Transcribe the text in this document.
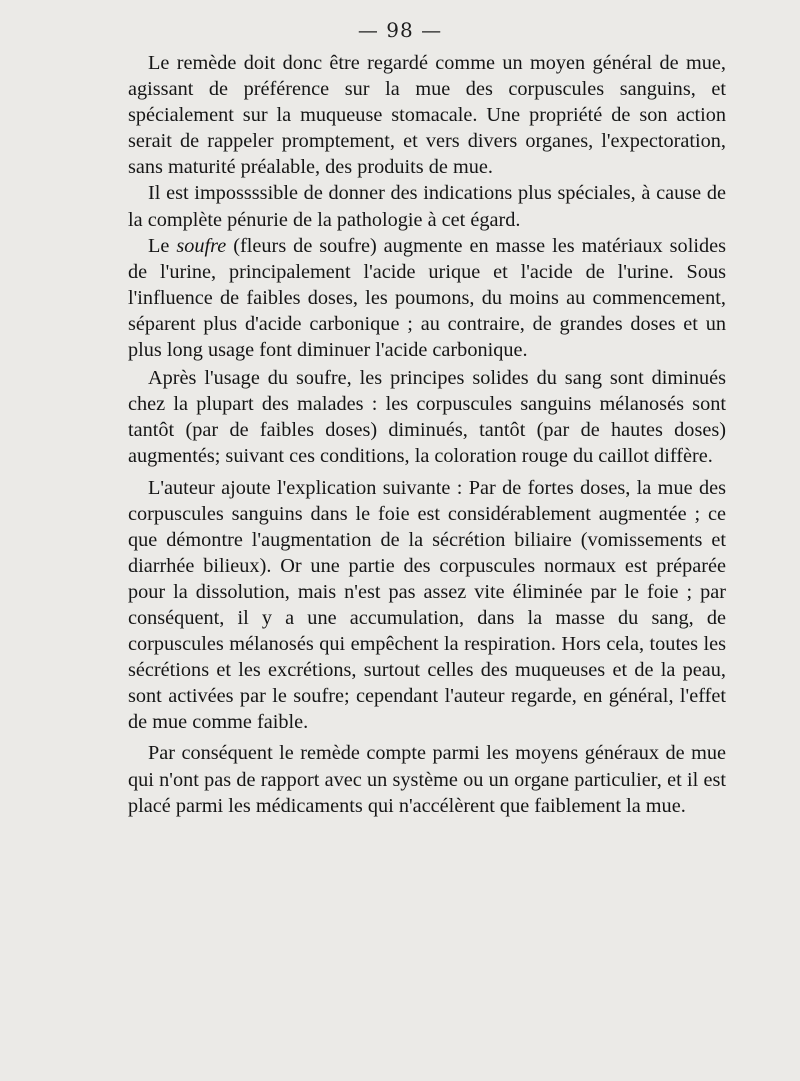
— 98 —

Le remède doit donc être regardé comme un moyen général de mue, agissant de préférence sur la mue des corpuscules sanguins, et spécialement sur la muqueuse stomacale. Une propriété de son action serait de rappeler promptement, et vers divers organes, l'expectoration, sans maturité préalable, des produits de mue.

Il est impossssible de donner des indications plus spéciales, à cause de la complète pénurie de la pathologie à cet égard.

Le soufre (fleurs de soufre) augmente en masse les matériaux solides de l'urine, principalement l'acide urique et l'acide de l'urine. Sous l'influence de faibles doses, les poumons, du moins au commencement, séparent plus d'acide carbonique ; au contraire, de grandes doses et un plus long usage font diminuer l'acide carbonique.

Après l'usage du soufre, les principes solides du sang sont diminués chez la plupart des malades : les corpuscules sanguins mélanosés sont tantôt (par de faibles doses) diminués, tantôt (par de hautes doses) augmentés; suivant ces conditions, la coloration rouge du caillot diffère.

L'auteur ajoute l'explication suivante : Par de fortes doses, la mue des corpuscules sanguins dans le foie est considérablement augmentée ; ce que démontre l'augmentation de la sécrétion biliaire (vomissements et diarrhée bilieux). Or une partie des corpuscules normaux est préparée pour la dissolution, mais n'est pas assez vite éliminée par le foie ; par conséquent, il y a une accumulation, dans la masse du sang, de corpuscules mélanosés qui empêchent la respiration. Hors cela, toutes les sécrétions et les excrétions, surtout celles des muqueuses et de la peau, sont activées par le soufre; cependant l'auteur regarde, en général, l'effet de mue comme faible.

Par conséquent le remède compte parmi les moyens généraux de mue qui n'ont pas de rapport avec un système ou un organe particulier, et il est placé parmi les médicaments qui n'accélèrent que faiblement la mue.
